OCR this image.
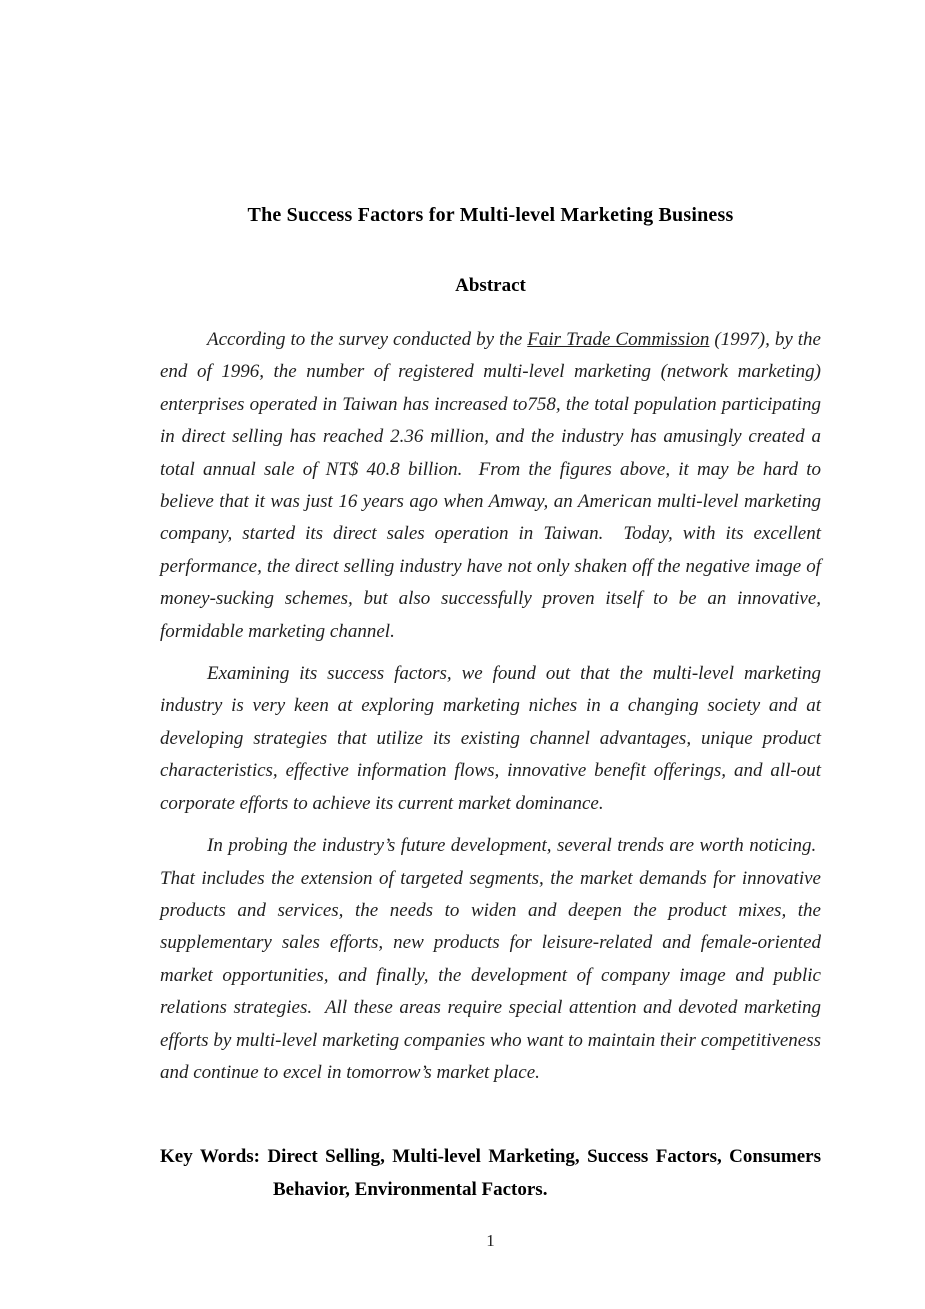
The Success Factors for Multi-level Marketing Business
Abstract

According to the survey conducted by the Fair Trade Commission (1997), by the end of 1996, the number of registered multi-level marketing (network marketing) enterprises operated in Taiwan has increased to758, the total population participating in direct selling has reached 2.36 million, and the industry has amusingly created a total annual sale of NT$ 40.8 billion.  From the figures above, it may be hard to believe that it was just 16 years ago when Amway, an American multi-level marketing company, started its direct sales operation in Taiwan.  Today, with its excellent performance, the direct selling industry have not only shaken off the negative image of money-sucking schemes, but also successfully proven itself to be an innovative, formidable marketing channel.

Examining its success factors, we found out that the multi-level marketing industry is very keen at exploring marketing niches in a changing society and at developing strategies that utilize its existing channel advantages, unique product characteristics, effective information flows, innovative benefit offerings, and all-out corporate efforts to achieve its current market dominance.

In probing the industry’s future development, several trends are worth noticing.  That includes the extension of targeted segments, the market demands for innovative products and services, the needs to widen and deepen the product mixes, the supplementary sales efforts, new products for leisure-related and female-oriented market opportunities, and finally, the development of company image and public relations strategies.  All these areas require special attention and devoted marketing efforts by multi-level marketing companies who want to maintain their competitiveness and continue to excel in tomorrow’s market place.

Key Words: Direct Selling, Multi-level Marketing, Success Factors, Consumers Behavior, Environmental Factors.

1
